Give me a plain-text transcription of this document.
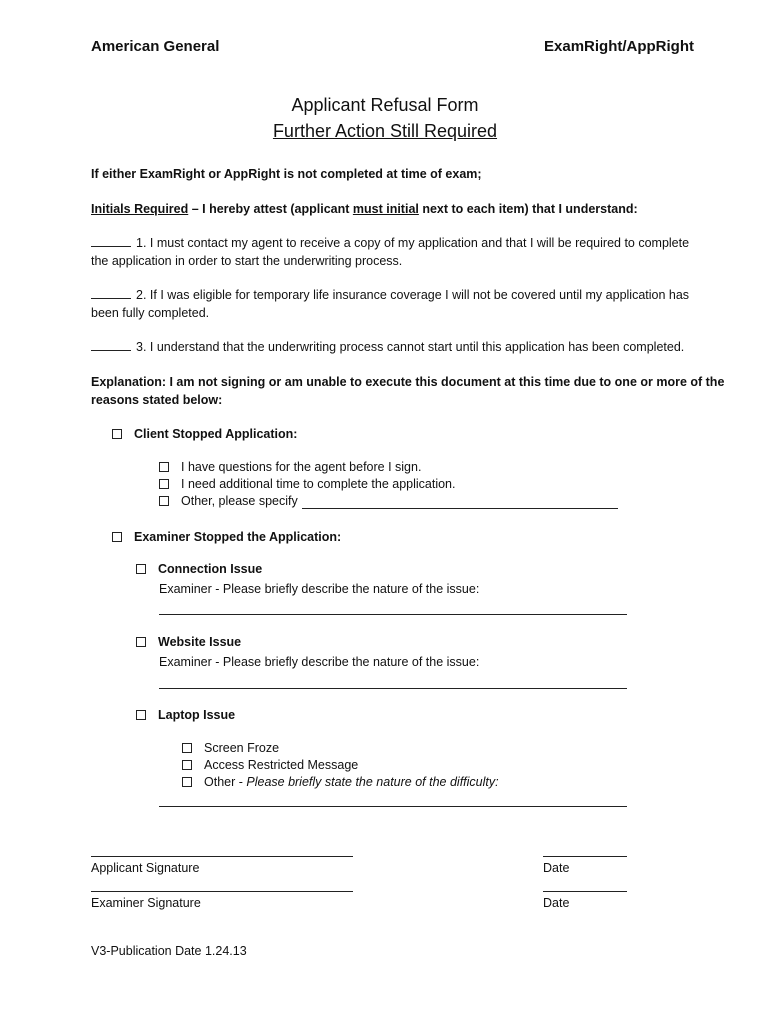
American General	ExamRight/AppRight
Applicant Refusal Form
Further Action Still Required
If either ExamRight or AppRight is not completed at time of exam;
Initials Required – I hereby attest (applicant must initial next to each item) that I understand:
1. I must contact my agent to receive a copy of my application and that I will be required to complete
the application in order to start the underwriting process.
2. If I was eligible for temporary life insurance coverage I will not be covered until my application has
been fully completed.
3. I understand that the underwriting process cannot start until this application has been completed.
Explanation: I am not signing or am unable to execute this document at this time due to one or more of the
reasons stated below:
Client Stopped Application:
I have questions for the agent before I sign.
I need additional time to complete the application.
Other, please specify
Examiner Stopped the Application:
Connection Issue
Examiner - Please briefly describe the nature of the issue:
Website Issue
Examiner - Please briefly describe the nature of the issue:
Laptop Issue
Screen Froze
Access Restricted Message
Other - Please briefly state the nature of the difficulty:
Applicant Signature	Date
Examiner Signature	Date
V3-Publication Date 1.24.13
